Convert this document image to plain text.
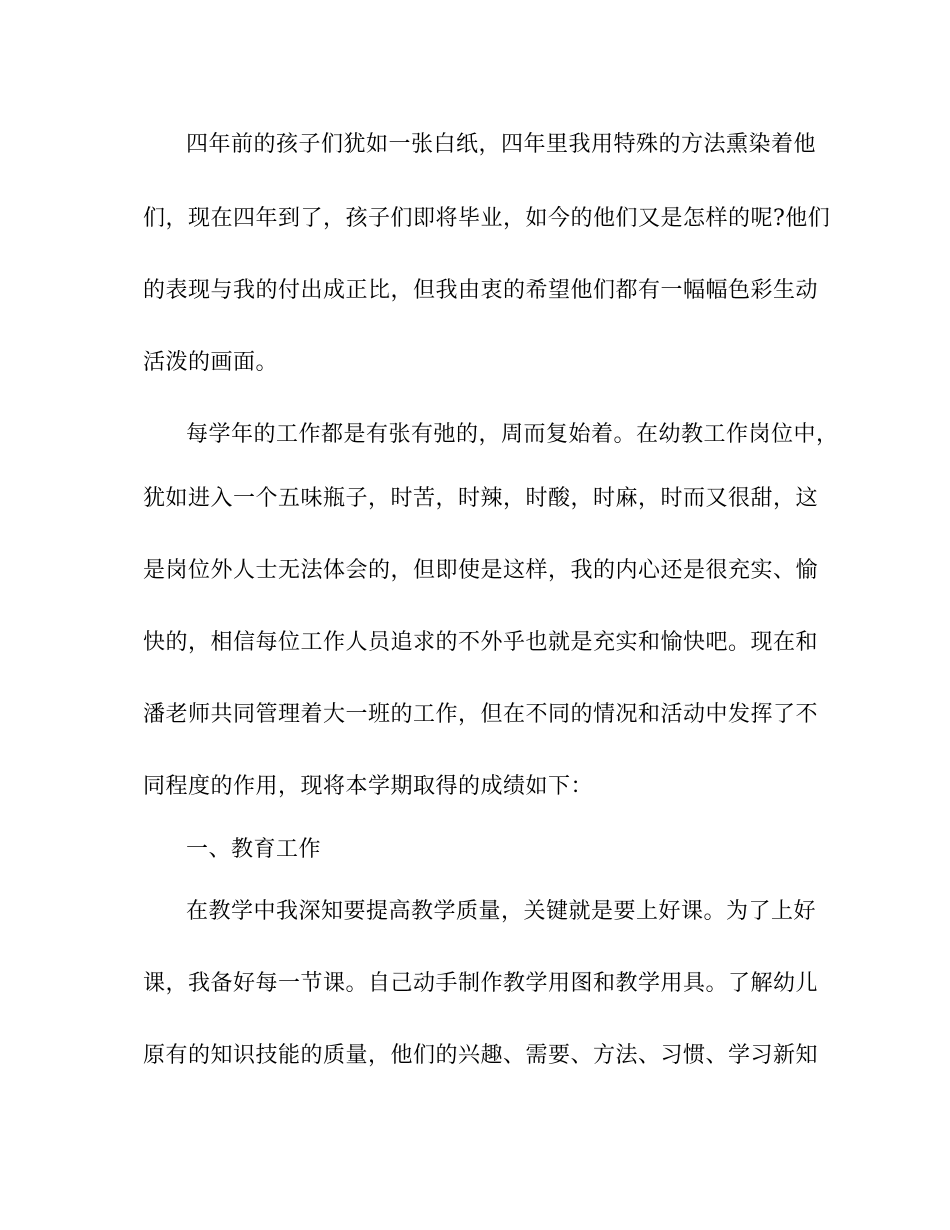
四年前的孩子们犹如一张白纸，四年里我用特殊的方法熏染着他
们，现在四年到了，孩子们即将毕业，如今的他们又是怎样的呢?他们
的表现与我的付出成正比，但我由衷的希望他们都有一幅幅色彩生动
活泼的画面。
每学年的工作都是有张有弛的，周而复始着。在幼教工作岗位中，
犹如进入一个五味瓶子，时苦，时辣，时酸，时麻，时而又很甜，这
是岗位外人士无法体会的，但即使是这样，我的内心还是很充实、愉
快的，相信每位工作人员追求的不外乎也就是充实和愉快吧。现在和
潘老师共同管理着大一班的工作，但在不同的情况和活动中发挥了不
同程度的作用，现将本学期取得的成绩如下：
一、教育工作
在教学中我深知要提高教学质量，关键就是要上好课。为了上好
课，我备好每一节课。自己动手制作教学用图和教学用具。了解幼儿
原有的知识技能的质量，他们的兴趣、需要、方法、习惯、学习新知
